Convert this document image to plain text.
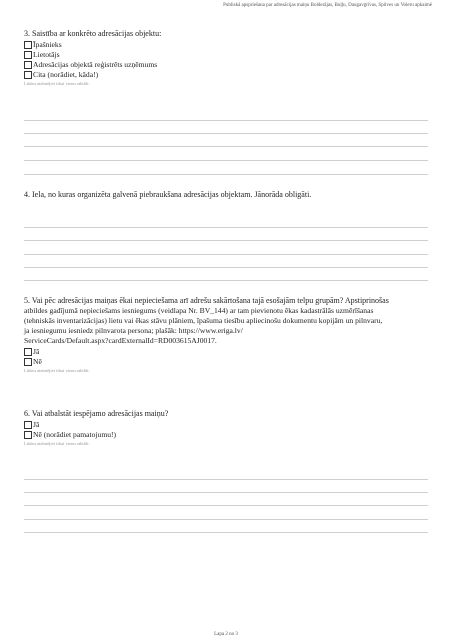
Publiskā apspriešana par adresācijas maiņu Bolderājas, Buļļu, Daugavgrīvas, Spilves un Voleru apkaimē

3. Saistība ar konkrēto adresācijas objektu:

Īpašnieks
Lietotājs
Adresācijas objektā reģistrēts uzņēmums
Cita (norādiet, kāda!)
Lūdzu atzīmējiet tikai vienu atbildi.

4. Iela, no kuras organizēta galvenā piebraukšana adresācijas objektam. Jānorāda obligāti.

5. Vai pēc adresācijas maiņas ēkai nepieciešama arī adrešu sakārtošana tajā esošajām telpu grupām? Apstiprinošas

atbildes gadījumā nepieciešams iesniegums (veidlapa Nr. BV_144) ar tam pievienotu ēkas kadastrālās uzmērīšanas

(tehniskās inventarizācijas) lietu vai ēkas stāvu plāniem, īpašuma tiesību apliecinošu dokumentu kopijām un pilnvaru,

ja iesniegumu iesniedz pilnvarota persona; plašāk: https://www.eriga.lv/

ServiceCards/Default.aspx?cardExternalId=RD003615AJ0017.

Jā
Nē
Lūdzu atzīmējiet tikai vienu atbildi.

6. Vai atbalstāt iespējamo adresācijas maiņu?

Jā
Nē (norādiet pamatojumu!)
Lūdzu atzīmējiet tikai vienu atbildi.
Lapa 2 no 3
